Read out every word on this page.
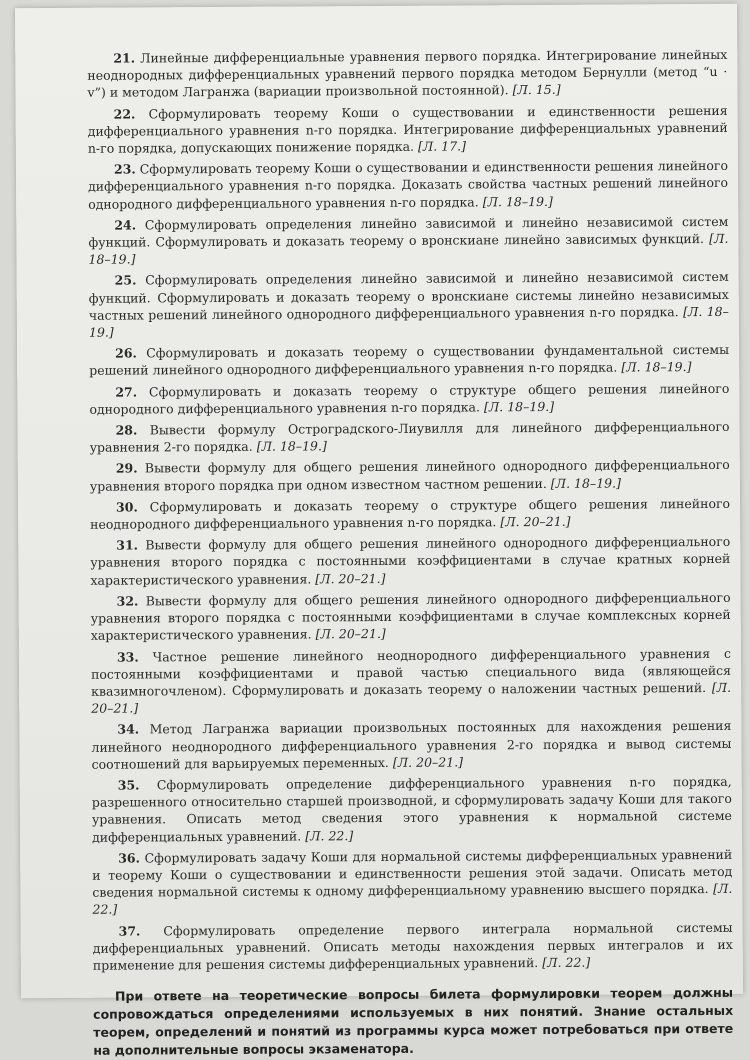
21. Линейные дифференциальные уравнения первого порядка. Интегрирование линейных неоднородных дифференциальных уравнений первого порядка методом Бернулли (метод “u · v”) и методом Лагранжа (вариации произвольной постоянной). [Л. 15.]
22. Сформулировать теорему Коши о существовании и единственности решения дифференциального уравнения n-го порядка. Интегрирование дифференциальных уравнений n-го порядка, допускающих понижение порядка. [Л. 17.]
23. Сформулировать теорему Коши о существовании и единственности решения линейного дифференциального уравнения n-го порядка. Доказать свойства частных решений линейного однородного дифференциального уравнения n-го порядка. [Л. 18–19.]
24. Сформулировать определения линейно зависимой и линейно независимой систем функций. Сформулировать и доказать теорему о вронскиане линейно зависимых функций. [Л. 18–19.]
25. Сформулировать определения линейно зависимой и линейно независимой систем функций. Сформулировать и доказать теорему о вронскиане системы линейно независимых частных решений линейного однородного дифференциального уравнения n-го порядка. [Л. 18–19.]
26. Сформулировать и доказать теорему о существовании фундаментальной системы решений линейного однородного дифференциального уравнения n-го порядка. [Л. 18–19.]
27. Сформулировать и доказать теорему о структуре общего решения линейного однородного дифференциального уравнения n-го порядка. [Л. 18–19.]
28. Вывести формулу Остроградского-Лиувилля для линейного дифференциального уравнения 2-го порядка. [Л. 18–19.]
29. Вывести формулу для общего решения линейного однородного дифференциального уравнения второго порядка при одном известном частном решении. [Л. 18–19.]
30. Сформулировать и доказать теорему о структуре общего решения линейного неоднородного дифференциального уравнения n-го порядка. [Л. 20–21.]
31. Вывести формулу для общего решения линейного однородного дифференциального уравнения второго порядка с постоянными коэффициентами в случае кратных корней характеристического уравнения. [Л. 20–21.]
32. Вывести формулу для общего решения линейного однородного дифференциального уравнения второго порядка с постоянными коэффициентами в случае комплексных корней характеристического уравнения. [Л. 20–21.]
33. Частное решение линейного неоднородного дифференциального уравнения с постоянными коэффициентами и правой частью специального вида (являющейся квазимногочленом). Сформулировать и доказать теорему о наложении частных решений. [Л. 20–21.]
34. Метод Лагранжа вариации произвольных постоянных для нахождения решения линейного неоднородного дифференциального уравнения 2-го порядка и вывод системы соотношений для варьируемых переменных. [Л. 20–21.]
35. Сформулировать определение дифференциального уравнения n-го порядка, разрешенного относительно старшей производной, и сформулировать задачу Коши для такого уравнения. Описать метод сведения этого уравнения к нормальной системе дифференциальных уравнений. [Л. 22.]
36. Сформулировать задачу Коши для нормальной системы дифференциальных уравнений и теорему Коши о существовании и единственности решения этой задачи. Описать метод сведения нормальной системы к одному дифференциальному уравнению высшего порядка. [Л. 22.]
37. Сформулировать определение первого интеграла нормальной системы дифференциальных уравнений. Описать методы нахождения первых интегралов и их применение для решения системы дифференциальных уравнений. [Л. 22.]
При ответе на теоретические вопросы билета формулировки теорем должны сопровождаться определениями используемых в них понятий. Знание остальных теорем, определений и понятий из программы курса может потребоваться при ответе на дополнительные вопросы экзаменатора.
